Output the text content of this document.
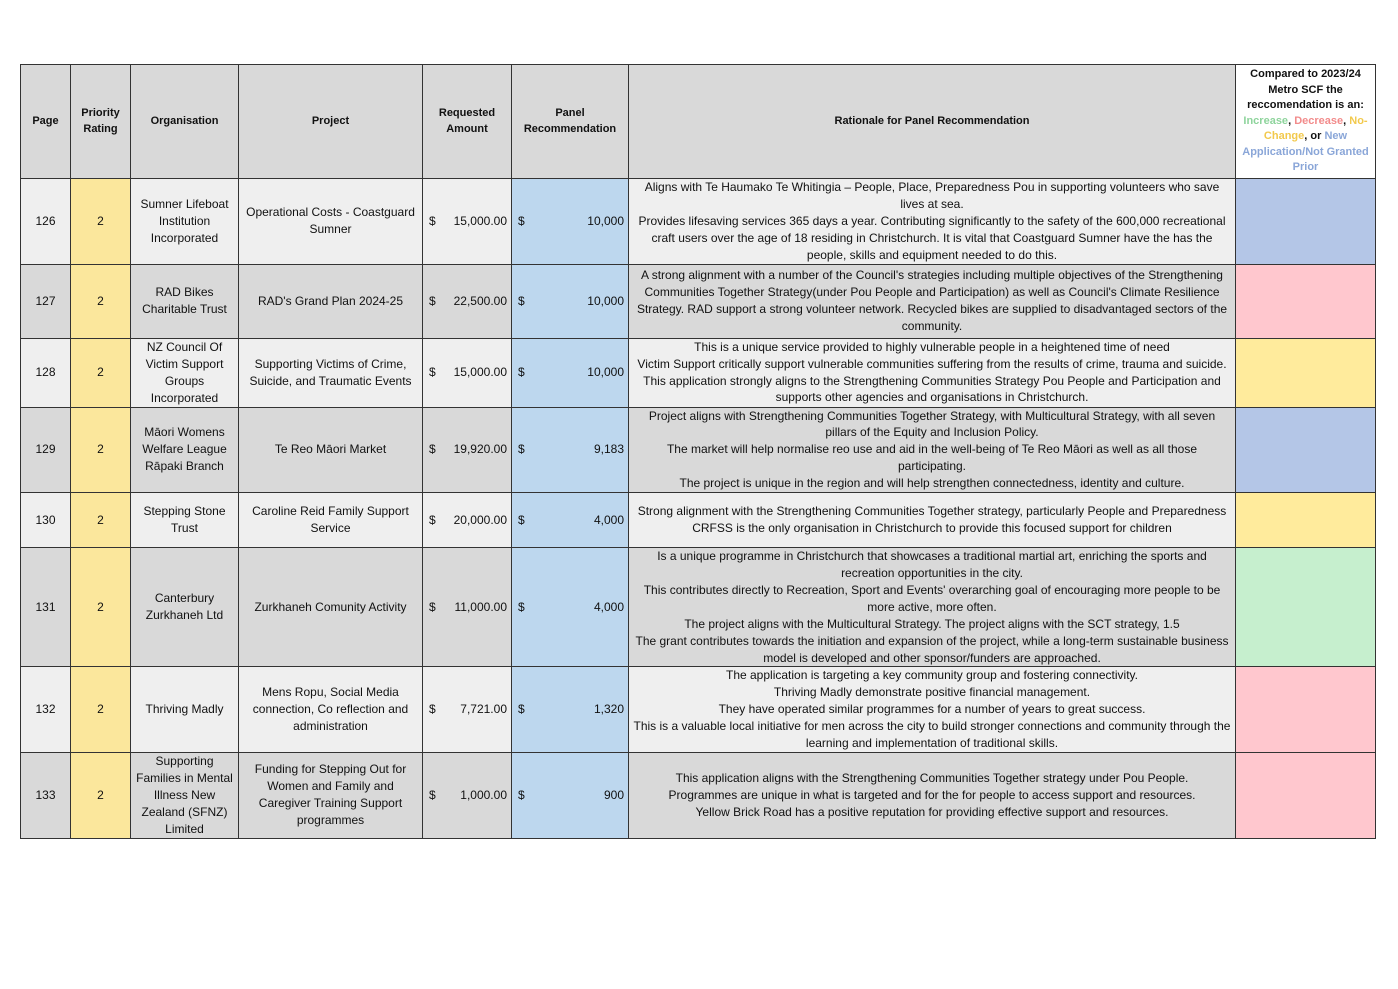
Page	Priority Rating	Organisation	Project	Requested Amount	Panel Recommendation	Rationale for Panel Recommendation	Compared to 2023/24 Metro SCF the reccomendation is an: Increase, Decrease, No-Change, or New Application/Not Granted Prior
126	2	Sumner Lifeboat Institution Incorporated	Operational Costs - Coastguard Sumner	$ 15,000.00	$ 10,000	Aligns with Te Haumako Te Whitingia – People, Place, Preparedness Pou in supporting volunteers who save lives at sea.
Provides lifesaving services 365 days a year. Contributing significantly to the safety of the 600,000 recreational craft users over the age of 18 residing in Christchurch. It is vital that Coastguard Sumner have the has the people, skills and equipment needed to do this.	

127	2	RAD Bikes Charitable Trust	RAD's Grand Plan 2024-25	$ 22,500.00	$ 10,000	A strong alignment with a number of the Council's strategies including multiple objectives of the Strengthening Communities Together Strategy(under Pou People and Participation) as well as Council's Climate Resilience Strategy. RAD support a strong volunteer network. Recycled bikes are supplied to disadvantaged sectors of the community.	

128	2	NZ Council Of Victim Support Groups Incorporated	Supporting Victims of Crime, Suicide, and Traumatic Events	$ 15,000.00	$ 10,000	This is a unique service provided to highly vulnerable people in a heightened time of need
Victim Support critically support vulnerable communities suffering from the results of crime, trauma and suicide.
This application strongly aligns to the Strengthening Communities Strategy Pou People and Participation and supports other agencies and organisations in Christchurch.	

129	2	Māori Womens Welfare League Rāpaki Branch	Te Reo Māori Market	$ 19,920.00	$ 9,183	Project aligns with Strengthening Communities Together Strategy, with Multicultural Strategy, with all seven pillars of the Equity and Inclusion Policy.
The market will help normalise reo use and aid in the well-being of Te Reo Māori as well as all those participating.
The project is unique in the region and will help strengthen connectedness, identity and culture.	

130	2	Stepping Stone Trust	Caroline Reid Family Support Service	$ 20,000.00	$ 4,000	Strong alignment with the Strengthening Communities Together strategy, particularly People and Preparedness
CRFSS is the only organisation in Christchurch to provide this focused support for children	

131	2	Canterbury Zurkhaneh Ltd	Zurkhaneh Comunity Activity	$ 11,000.00	$ 4,000	Is a unique programme in Christchurch that showcases a traditional martial art, enriching the sports and recreation opportunities in the city.
This contributes directly to Recreation, Sport and Events' overarching goal of encouraging more people to be more active, more often.
The project aligns with the Multicultural Strategy. The project aligns with the SCT strategy, 1.5
The grant contributes towards the initiation and expansion of the project, while a long-term sustainable business model is developed and other sponsor/funders are approached.	

132	2	Thriving Madly	Mens Ropu, Social Media connection, Co reflection and administration	$ 7,721.00	$ 1,320	The application is targeting a key community group and fostering connectivity.
Thriving Madly demonstrate positive financial management.
They have operated similar programmes for a number of years to great success.
This is a valuable local initiative for men across the city to build stronger connections and community through the learning and implementation of traditional skills.	

133	2	Supporting Families in Mental Illness New Zealand (SFNZ) Limited	Funding for Stepping Out for Women and Family and Caregiver Training Support programmes	$ 1,000.00	$ 900	This application aligns with the Strengthening Communities Together strategy under Pou People.
Programmes are unique in what is targeted and for the for people to access support and resources.
Yellow Brick Road has a positive reputation for providing effective support and resources.	
